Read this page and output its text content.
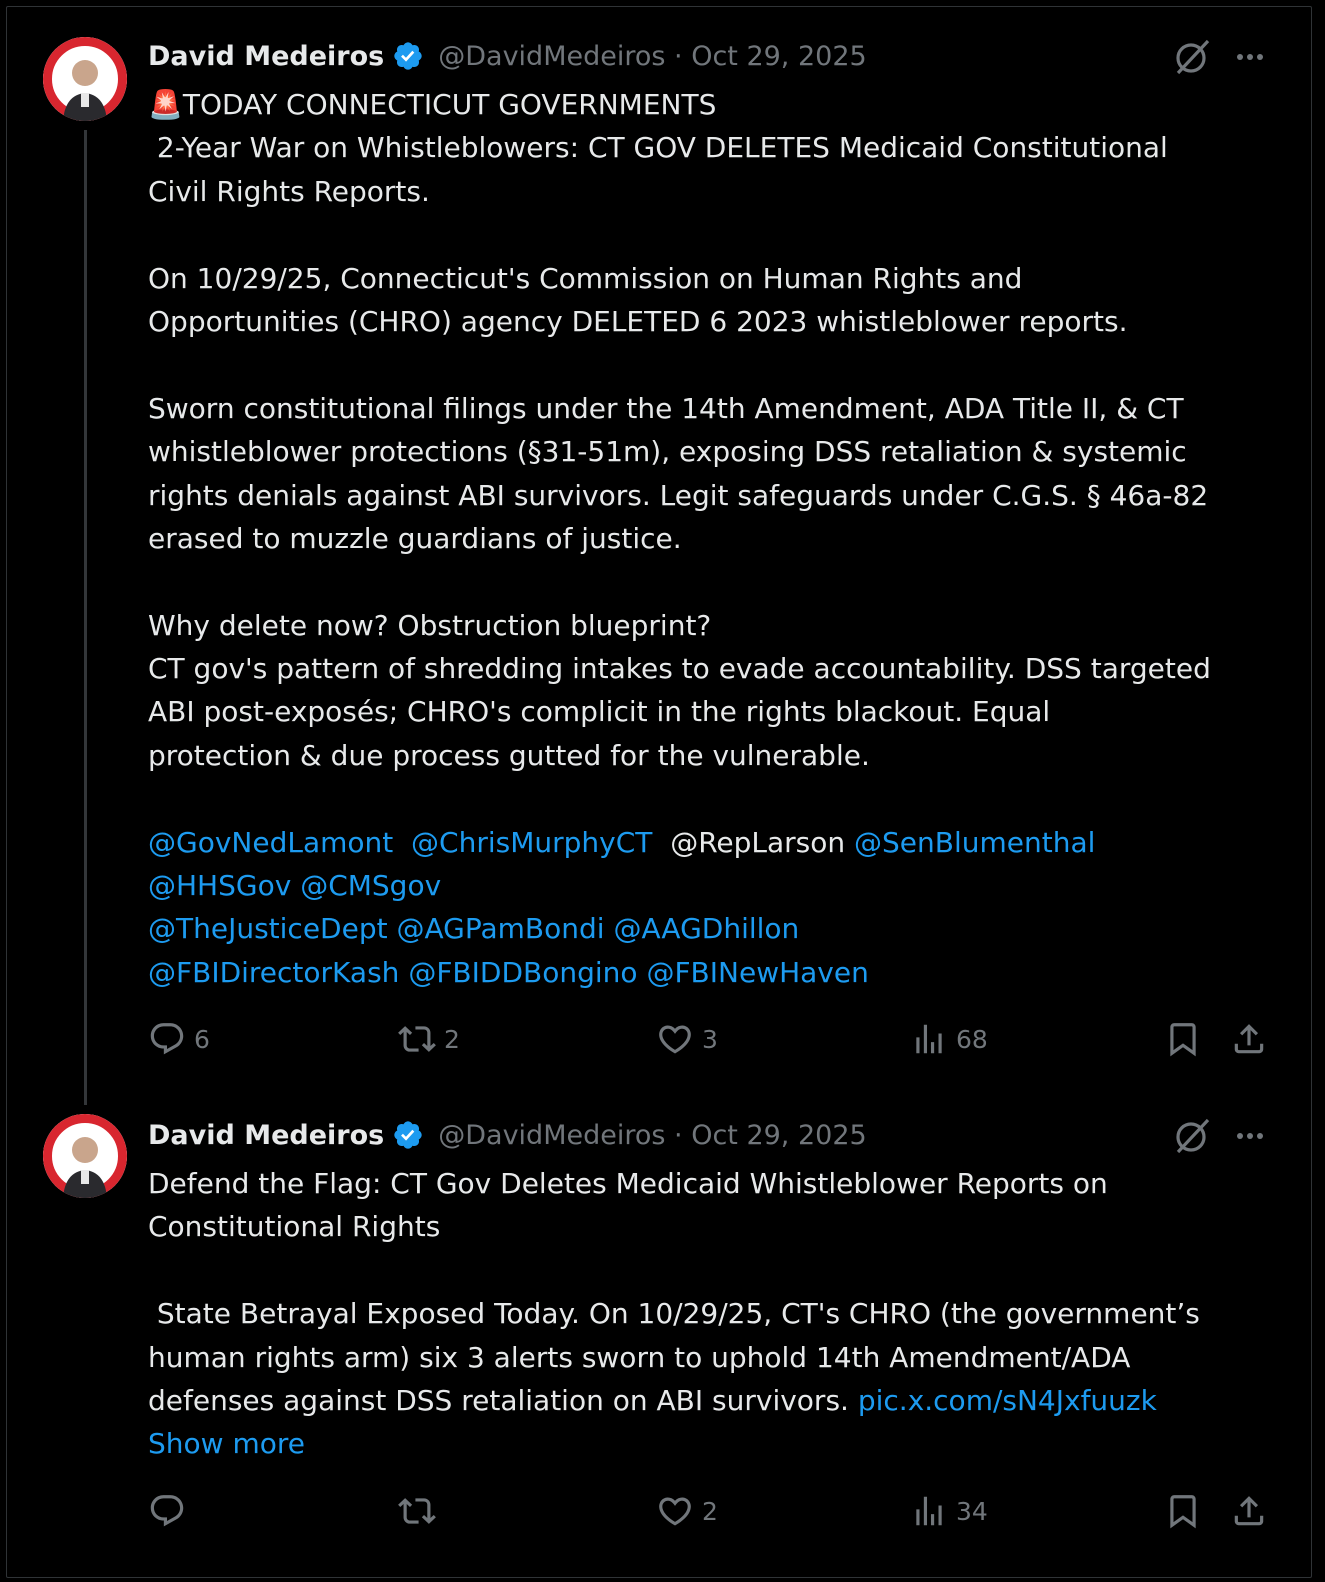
David Medeiros @DavidMedeiros · Oct 29, 2025
🚨TODAY CONNECTICUT GOVERNMENTS
2-Year War on Whistleblowers: CT GOV DELETES Medicaid Constitutional
Civil Rights Reports.
On 10/29/25, Connecticut's Commission on Human Rights and
Opportunities (CHRO) agency DELETED 6 2023 whistleblower reports.
Sworn constitutional filings under the 14th Amendment, ADA Title II, & CT
whistleblower protections (§31-51m), exposing DSS retaliation & systemic
rights denials against ABI survivors. Legit safeguards under C.G.S. § 46a-82
erased to muzzle guardians of justice.
Why delete now? Obstruction blueprint?
CT gov's pattern of shredding intakes to evade accountability. DSS targeted
ABI post-exposés; CHRO's complicit in the rights blackout. Equal
protection & due process gutted for the vulnerable.
@GovNedLamont @ChrisMurphyCT  @RepLarson @SenBlumenthal
@HHSGov @CMSgov
@TheJusticeDept @AGPamBondi @AAGDhillon
@FBIDirectorKash @FBIDDBongino @FBINewHaven
6	2	3	68
David Medeiros @DavidMedeiros · Oct 29, 2025
Defend the Flag: CT Gov Deletes Medicaid Whistleblower Reports on
Constitutional Rights
State Betrayal Exposed Today. On 10/29/25, CT's CHRO (the government’s
human rights arm) six 3 alerts sworn to uphold 14th Amendment/ADA
defenses against DSS retaliation on ABI survivors. pic.x.com/sN4Jxfuuzk
Show more
2	34
